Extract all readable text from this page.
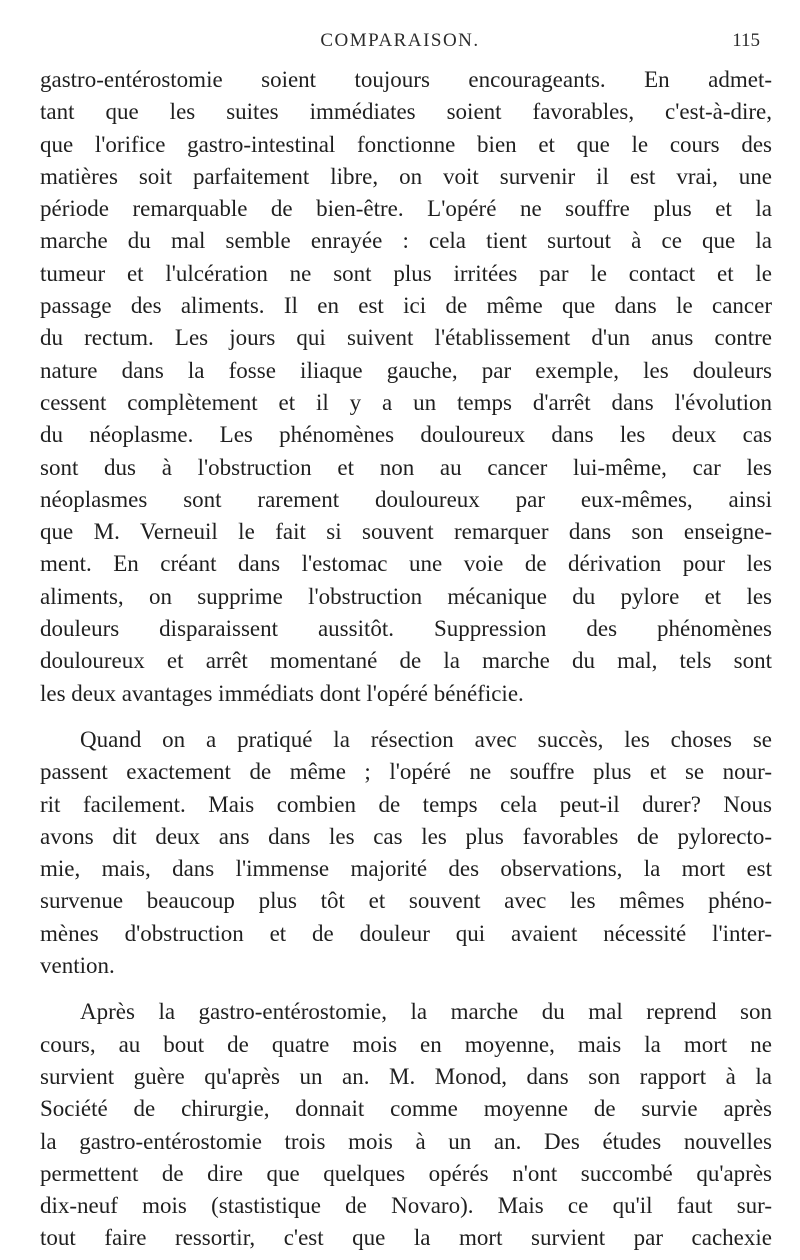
COMPARAISON.	115
gastro-entérostomie soient toujours encourageants. En admet-
tant que les suites immédiates soient favorables, c'est-à-dire,
que l'orifice gastro-intestinal fonctionne bien et que le cours des
matières soit parfaitement libre, on voit survenir il est vrai, une
période remarquable de bien-être. L'opéré ne souffre plus et la
marche du mal semble enrayée : cela tient surtout à ce que la
tumeur et l'ulcération ne sont plus irritées par le contact et le
passage des aliments. Il en est ici de même que dans le cancer
du rectum. Les jours qui suivent l'établissement d'un anus contre
nature dans la fosse iliaque gauche, par exemple, les douleurs
cessent complètement et il y a un temps d'arrêt dans l'évolution
du néoplasme. Les phénomènes douloureux dans les deux cas
sont dus à l'obstruction et non au cancer lui-même, car les
néoplasmes sont rarement douloureux par eux-mêmes, ainsi
que M. Verneuil le fait si souvent remarquer dans son enseigne-
ment. En créant dans l'estomac une voie de dérivation pour les
aliments, on supprime l'obstruction mécanique du pylore et les
douleurs disparaissent aussitôt. Suppression des phénomènes
douloureux et arrêt momentané de la marche du mal, tels sont
les deux avantages immédiats dont l'opéré bénéficie.
Quand on a pratiqué la résection avec succès, les choses se
passent exactement de même ; l'opéré ne souffre plus et se nour-
rit facilement. Mais combien de temps cela peut-il durer? Nous
avons dit deux ans dans les cas les plus favorables de pylorecto-
mie, mais, dans l'immense majorité des observations, la mort est
survenue beaucoup plus tôt et souvent avec les mêmes phéno-
mènes d'obstruction et de douleur qui avaient nécessité l'inter-
vention.
Après la gastro-entérostomie, la marche du mal reprend son
cours, au bout de quatre mois en moyenne, mais la mort ne
survient guère qu'après un an. M. Monod, dans son rapport à la
Société de chirurgie, donnait comme moyenne de survie après
la gastro-entérostomie trois mois à un an. Des études nouvelles
permettent de dire que quelques opérés n'ont succombé qu'après
dix-neuf mois (stastistique de Novaro). Mais ce qu'il faut sur-
tout faire ressortir, c'est que la mort survient par cachexie
